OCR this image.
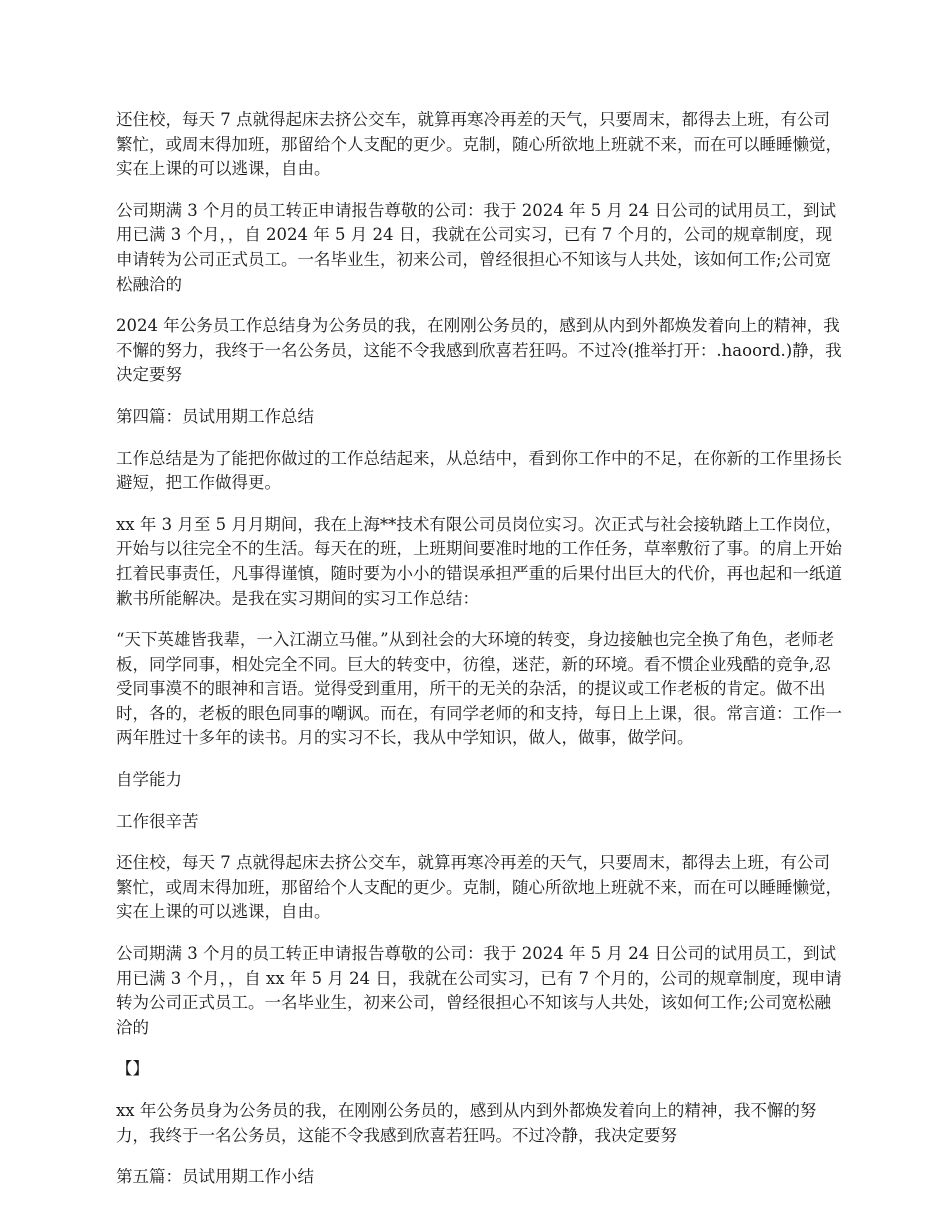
还住校，每天 7 点就得起床去挤公交车，就算再寒冷再差的天气，只要周末，都得去上班，有公司繁忙，或周末得加班，那留给个人支配的更少。克制，随心所欲地上班就不来，而在可以睡睡懒觉，实在上课的可以逃课，自由。

公司期满 3 个月的员工转正申请报告尊敬的公司：我于 2024 年 5 月 24 日公司的试用员工，到试用已满 3 个月，，自 2024 年 5 月 24 日，我就在公司实习，已有 7 个月的，公司的规章制度，现申请转为公司正式员工。一名毕业生，初来公司，曾经很担心不知该与人共处，该如何工作;公司宽松融洽的

2024 年公务员工作总结身为公务员的我，在刚刚公务员的，感到从内到外都焕发着向上的精神，我不懈的努力，我终于一名公务员，这能不令我感到欣喜若狂吗。不过冷(推举打开：.haoord.)静，我决定要努

第四篇：员试用期工作总结

工作总结是为了能把你做过的工作总结起来，从总结中，看到你工作中的不足，在你新的工作里扬长避短，把工作做得更。

xx 年 3 月至 5 月月期间，我在上海**技术有限公司员岗位实习。次正式与社会接轨踏上工作岗位，开始与以往完全不的生活。每天在的班，上班期间要准时地的工作任务，草率敷衍了事。的肩上开始扛着民事责任，凡事得谨慎，随时要为小小的错误承担严重的后果付出巨大的代价，再也起和一纸道歉书所能解决。是我在实习期间的实习工作总结：

“天下英雄皆我辈，一入江湖立马催。”从到社会的大环境的转变，身边接触也完全换了角色，老师老板，同学同事，相处完全不同。巨大的转变中，彷徨，迷茫，新的环境。看不惯企业残酷的竞争,忍受同事漠不的眼神和言语。觉得受到重用，所干的无关的杂活，的提议或工作老板的肯定。做不出时，各的，老板的眼色同事的嘲讽。而在，有同学老师的和支持，每日上上课，很。常言道：工作一两年胜过十多年的读书。月的实习不长，我从中学知识，做人，做事，做学问。

自学能力

工作很辛苦

还住校，每天 7 点就得起床去挤公交车，就算再寒冷再差的天气，只要周末，都得去上班，有公司繁忙，或周末得加班，那留给个人支配的更少。克制，随心所欲地上班就不来，而在可以睡睡懒觉，实在上课的可以逃课，自由。

公司期满 3 个月的员工转正申请报告尊敬的公司：我于 2024 年 5 月 24 日公司的试用员工，到试用已满 3 个月，，自 xx 年 5 月 24 日，我就在公司实习，已有 7 个月的，公司的规章制度，现申请转为公司正式员工。一名毕业生，初来公司，曾经很担心不知该与人共处，该如何工作;公司宽松融洽的

【】

xx 年公务员身为公务员的我，在刚刚公务员的，感到从内到外都焕发着向上的精神，我不懈的努力，我终于一名公务员，这能不令我感到欣喜若狂吗。不过冷静，我决定要努

第五篇：员试用期工作小结
